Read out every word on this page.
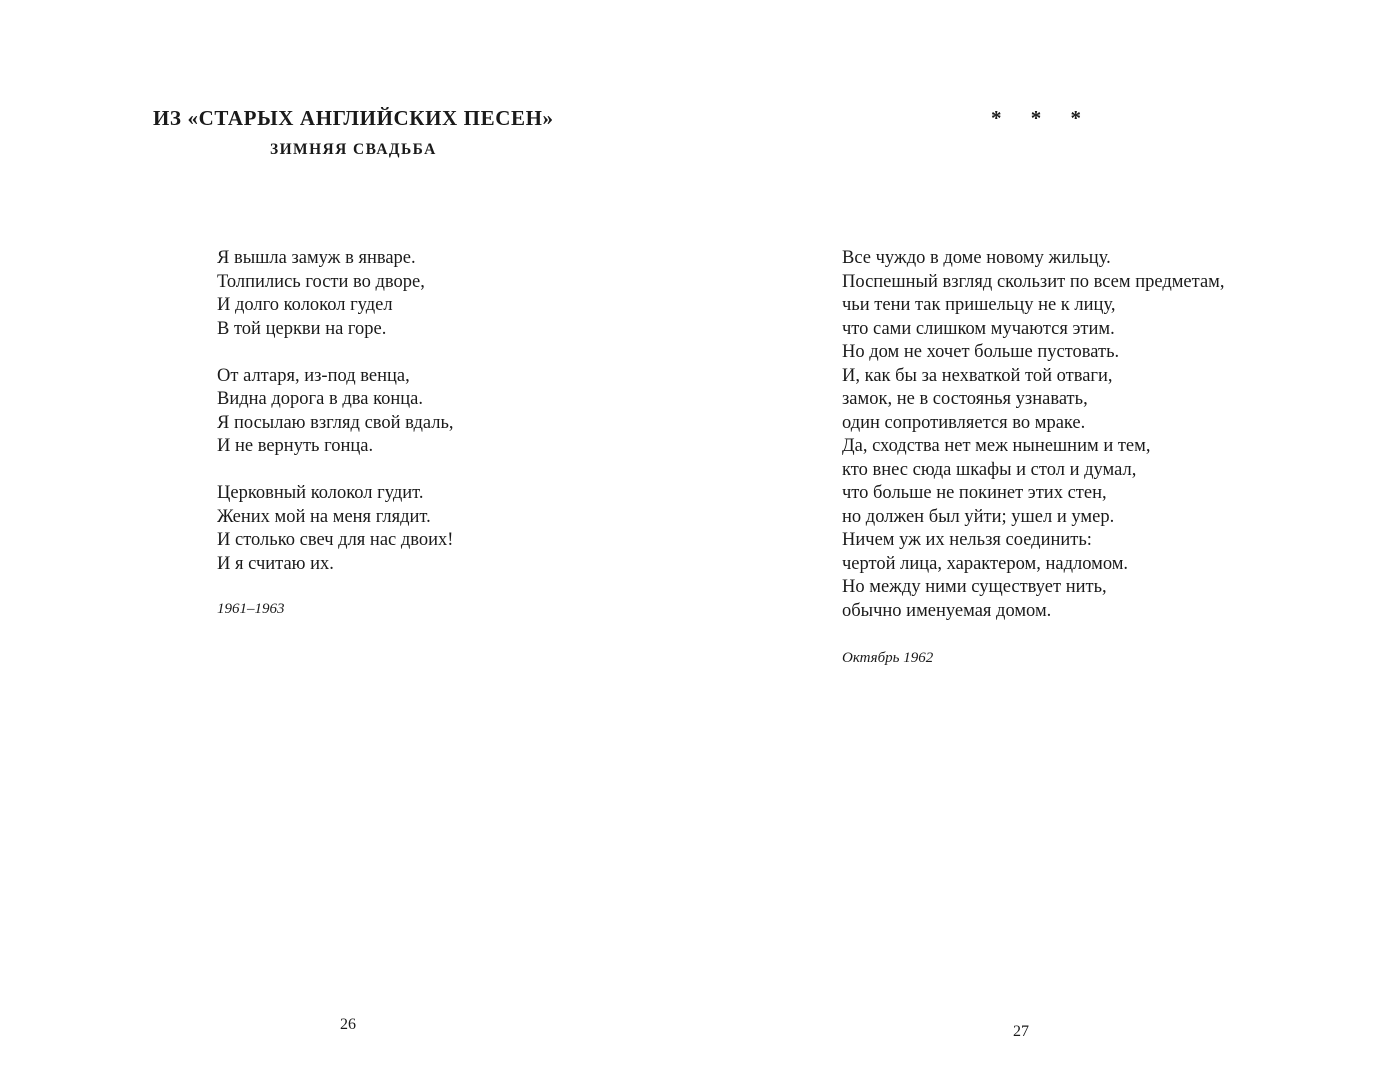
ИЗ «СТАРЫХ АНГЛИЙСКИХ ПЕСЕН»
ЗИМНЯЯ СВАДЬБА

Я вышла замуж в январе.
Толпились гости во дворе,
И долго колокол гудел
В той церкви на горе.

От алтаря, из-под венца,
Видна дорога в два конца.
Я посылаю взгляд свой вдаль,
И не вернуть гонца.

Церковный колокол гудит.
Жених мой на меня глядит.
И столько свеч для нас двоих!
И я считаю их.

1961–1963
26
* * *

Все чуждо в доме новому жильцу.
Поспешный взгляд скользит по всем предметам,
чьи тени так пришельцу не к лицу,
что сами слишком мучаются этим.
Но дом не хочет больше пустовать.
И, как бы за нехваткой той отваги,
замок, не в состоянья узнавать,
один сопротивляется во мраке.
Да, сходства нет меж нынешним и тем,
кто внес сюда шкафы и стол и думал,
что больше не покинет этих стен,
но должен был уйти; ушел и умер.
Ничем уж их нельзя соединить:
чертой лица, характером, надломом.
Но между ними существует нить,
обычно именуемая домом.

Октябрь 1962
27
